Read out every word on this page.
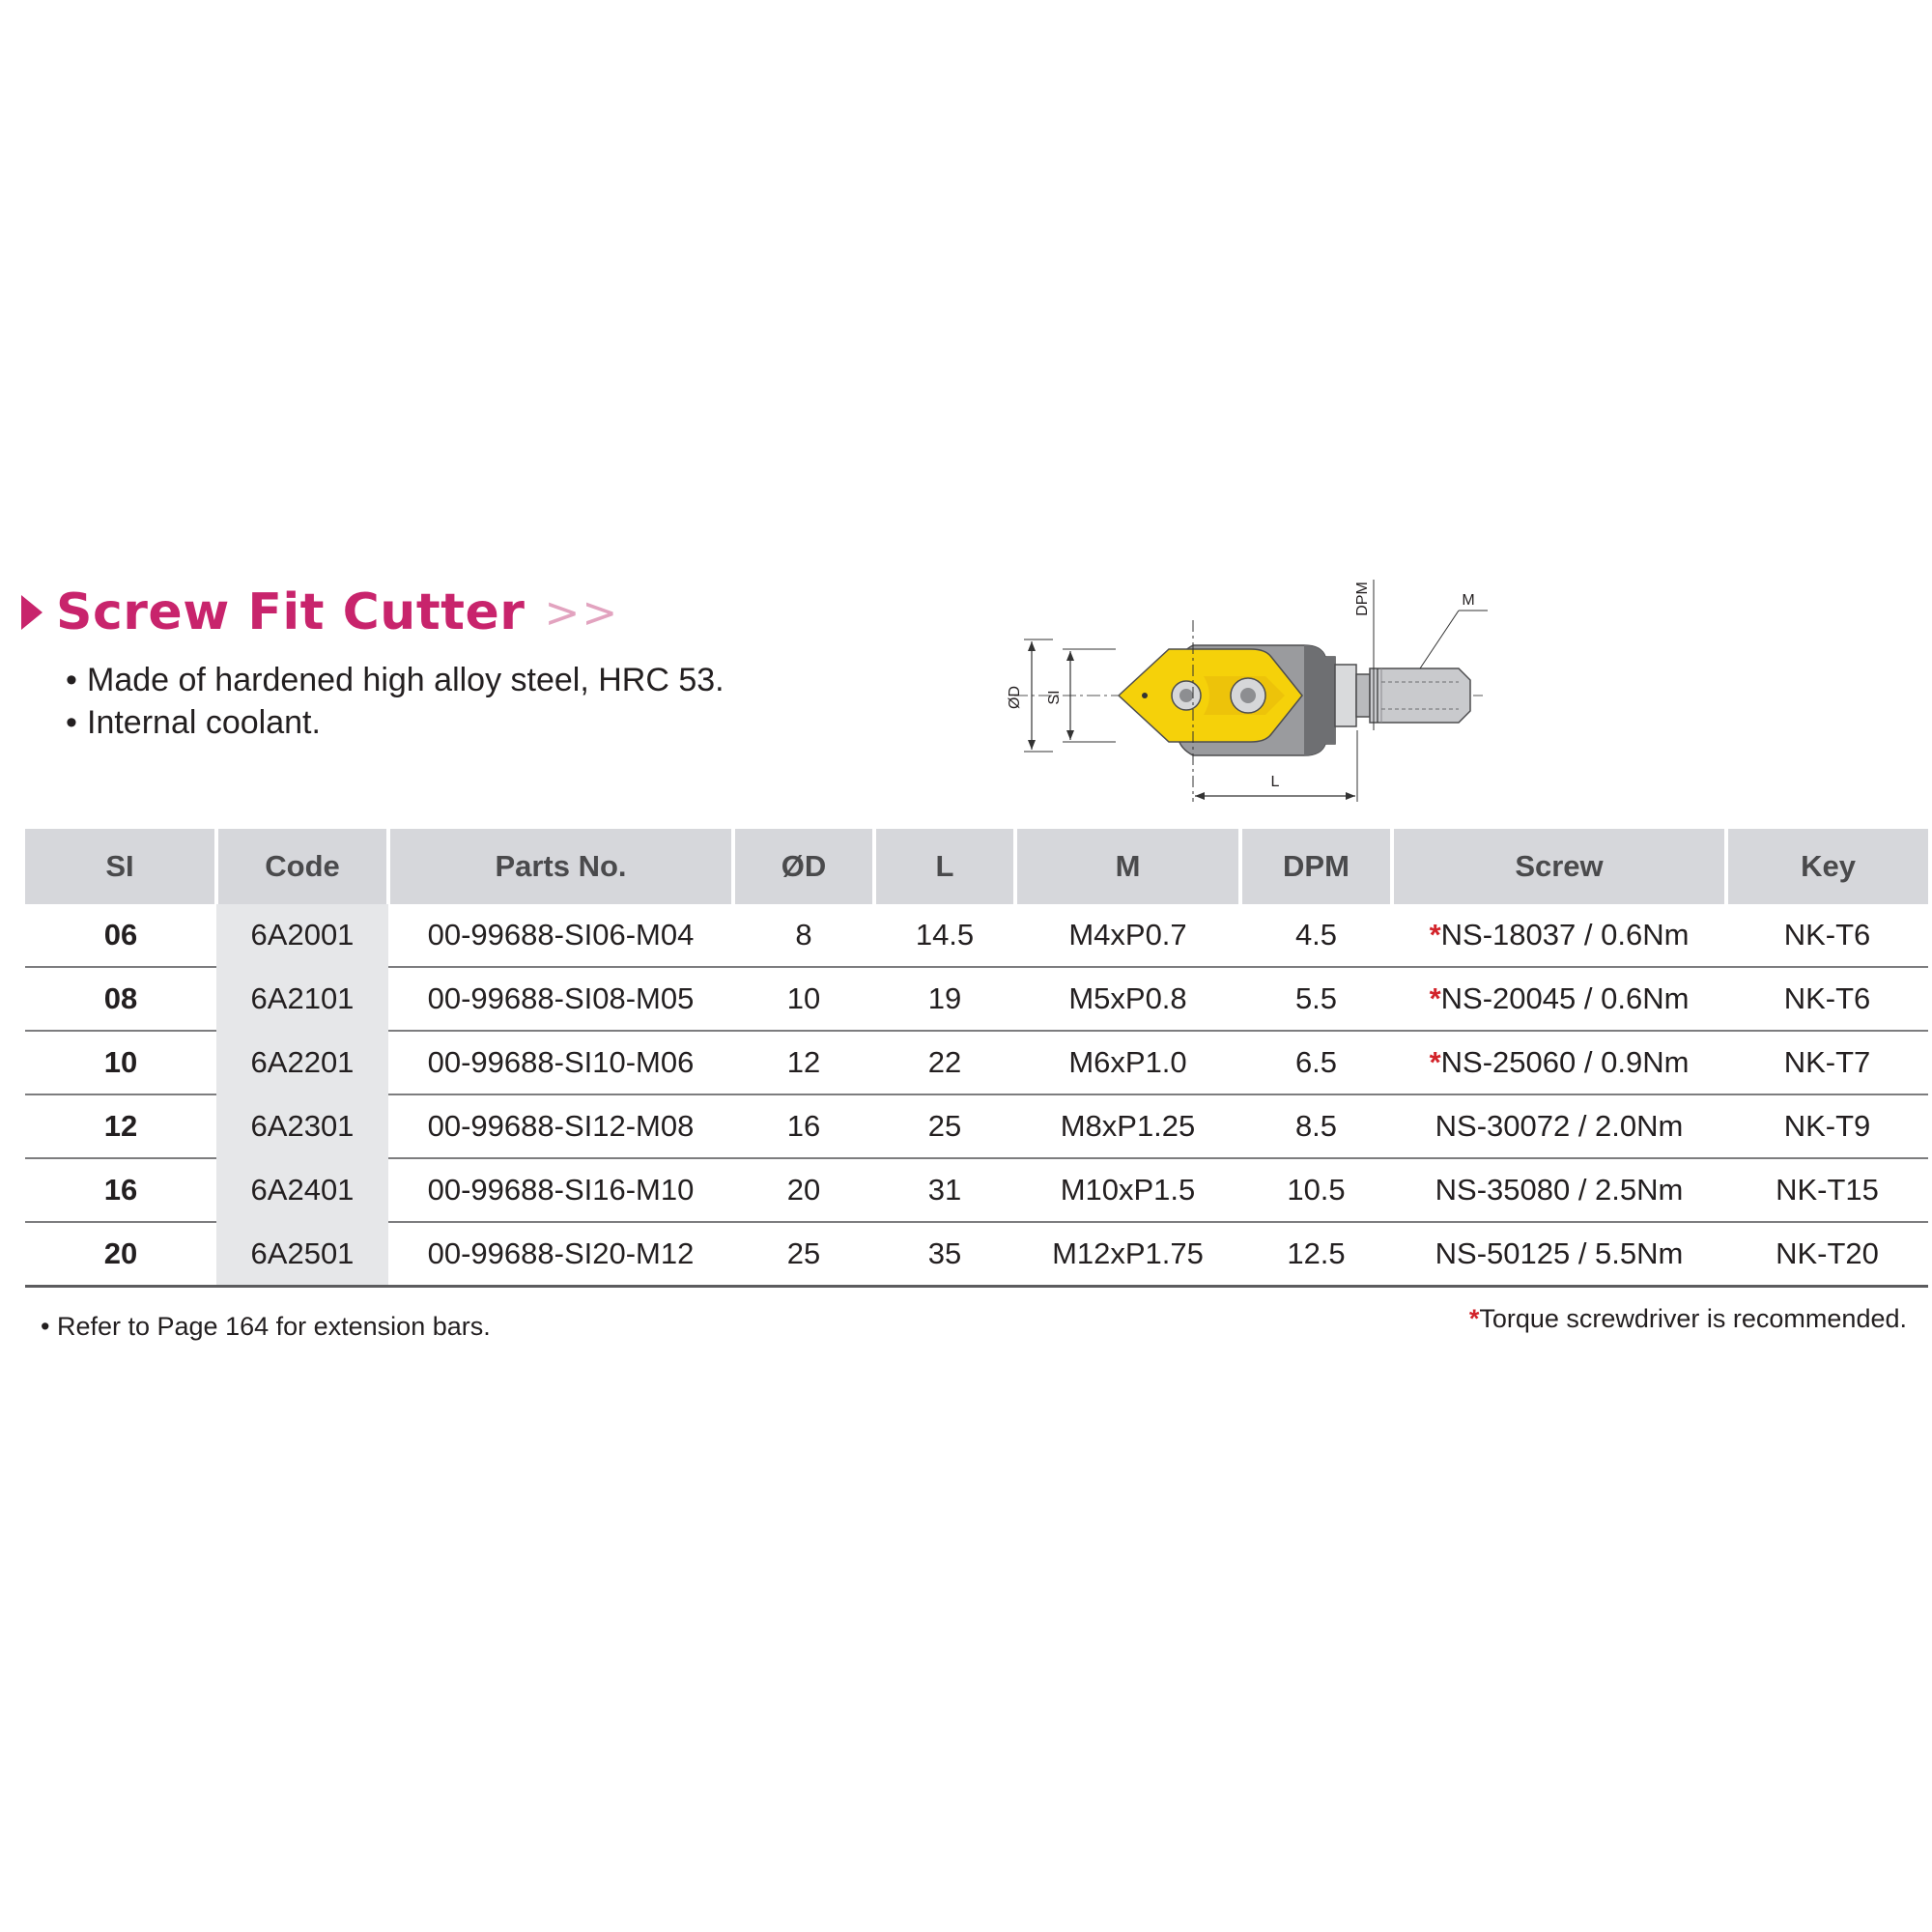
Screw Fit Cutter >>
• Made of hardened high alloy steel, HRC 53.
• Internal coolant.
ØD SI
DPM	M
L
SI	Code	Parts No.	ØD	L	M	DPM	Screw	Key
06	6A2001	00-99688-SI06-M04	8	14.5	M4xP0.7	4.5	*NS-18037 / 0.6Nm	NK-T6
08	6A2101	00-99688-SI08-M05	10	19	M5xP0.8	5.5	*NS-20045 / 0.6Nm	NK-T6
10	6A2201	00-99688-SI10-M06	12	22	M6xP1.0	6.5	*NS-25060 / 0.9Nm	NK-T7
12	6A2301	00-99688-SI12-M08	16	25	M8xP1.25	8.5	NS-30072 / 2.0Nm	NK-T9
16	6A2401	00-99688-SI16-M10	20	31	M10xP1.5	10.5	NS-35080 / 2.5Nm	NK-T15
20	6A2501	00-99688-SI20-M12	25	35	M12xP1.75	12.5	NS-50125 / 5.5Nm	NK-T20
• Refer to Page 164 for extension bars.	*Torque screwdriver is recommended.
